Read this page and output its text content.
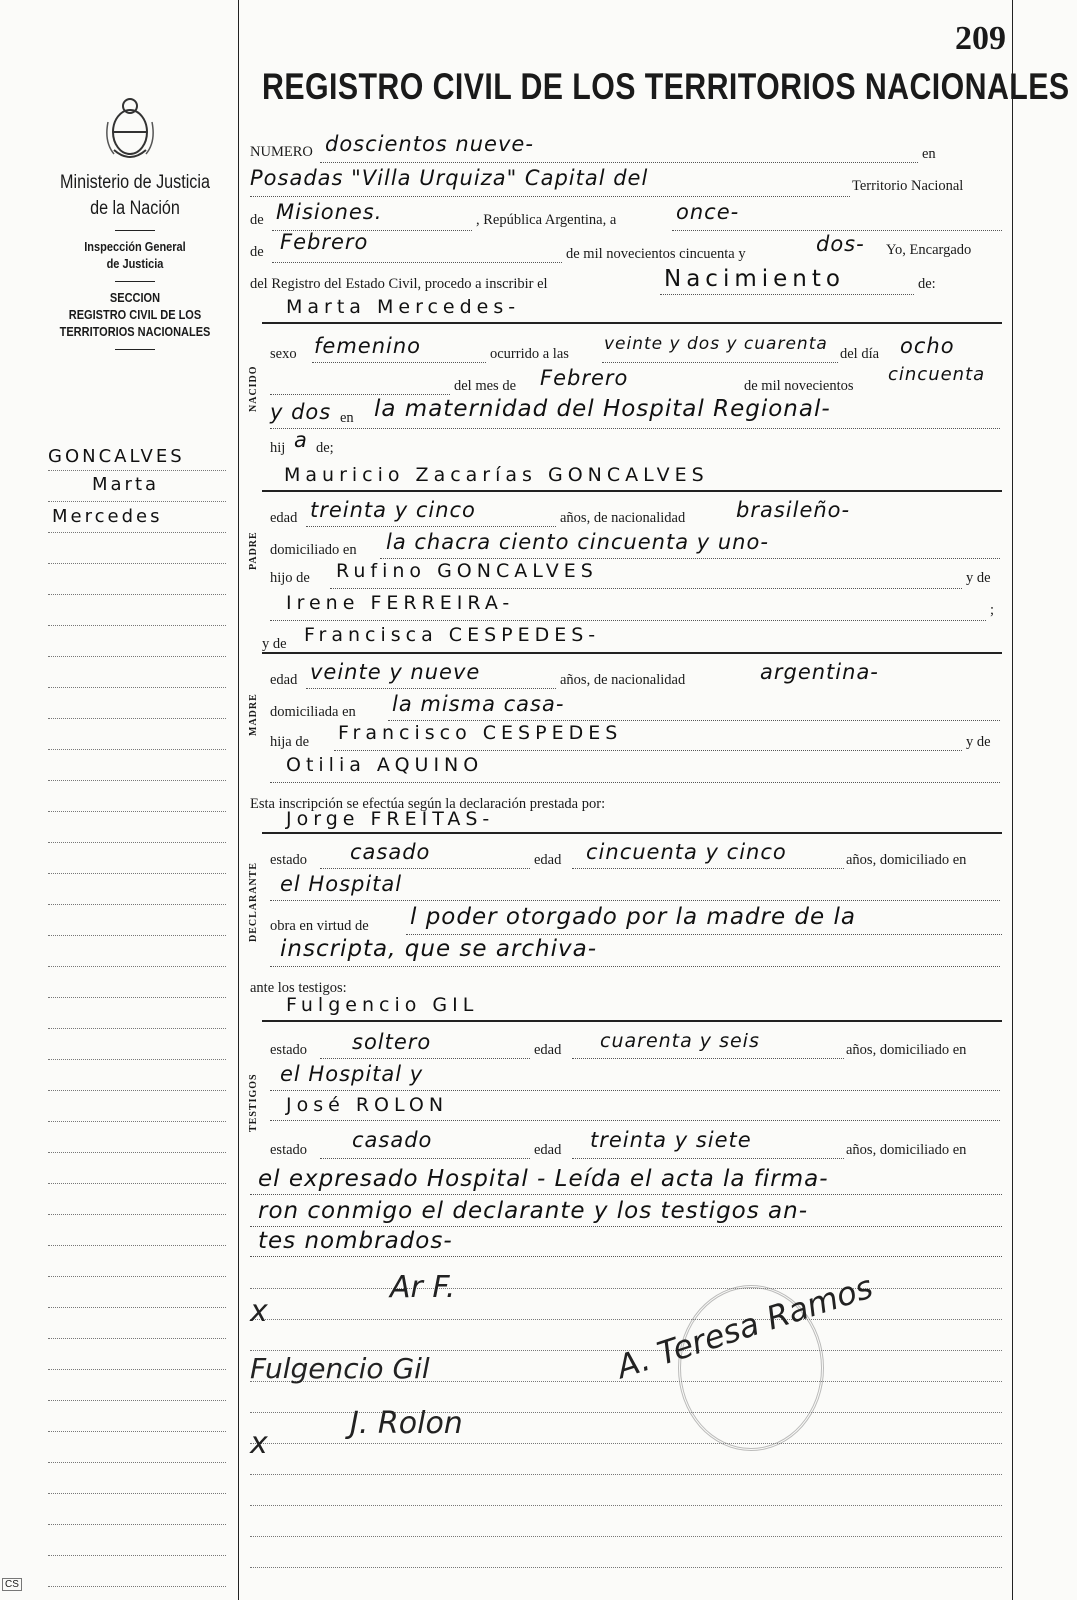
209
REGISTRO CIVIL DE LOS TERRITORIOS NACIONALES
Ministerio de Justicia
de la Nación
Inspección General
de Justicia
SECCION
REGISTRO CIVIL DE LOS
TERRITORIOS NACIONALES
GONCALVES
Marta
Mercedes
NUMERO doscientos nueve-	en
Posadas "Villa Urquiza" Capital del	Territorio Nacional
de Misiones.	, República Argentina, a	once-
de Febrero	de mil novecientos cincuenta y	dos- Yo, Encargado
del Registro del Estado Civil, procedo a inscribir el	Nacimiento	de:
Marta Mercedes-
NACIDO
sexo femenino	ocurrido a las veinte y dos y cuarenta del día ocho
del mes de Febrero	de mil novecientos
cincuenta
y dos en la maternidad del Hospital Regional-
hij a de;
Mauricio Zacarías GONCALVES
PADRE
edad treinta y cinco	años, de nacionalidad brasileño-
domiciliado en la chacra ciento cincuenta y uno-
hijo de Rufino GONCALVES	y de
Irene FERREIRA-	;
y de Francisca CESPEDES-
MADRE
edad veinte y nueve	años, de nacionalidad	argentina-
domiciliada en la misma casa-
hija de Francisco CESPEDES	y de
Otilia AQUINO
Esta inscripción se efectúa según la declaración prestada por:
Jorge FREITAS-
DECLARANTE
estado casado	edad cincuenta y cinco	años, domiciliado en
el Hospital
obra en virtud de l poder otorgado por la madre de la
inscripta, que se archiva-
ante los testigos:
Fulgencio GIL
TESTIGOS
estado soltero	edad cuarenta y seis	años, domiciliado en
el Hospital y
José ROLON
estado casado	edad treinta y siete	años, domiciliado en
el expresado Hospital - Leída el acta la firma-
ron conmigo el declarante y los testigos an-
tes nombrados-
x
Ar F.
Fulgencio Gil
x
J. Rolon
A. Teresa Ramos
CS
